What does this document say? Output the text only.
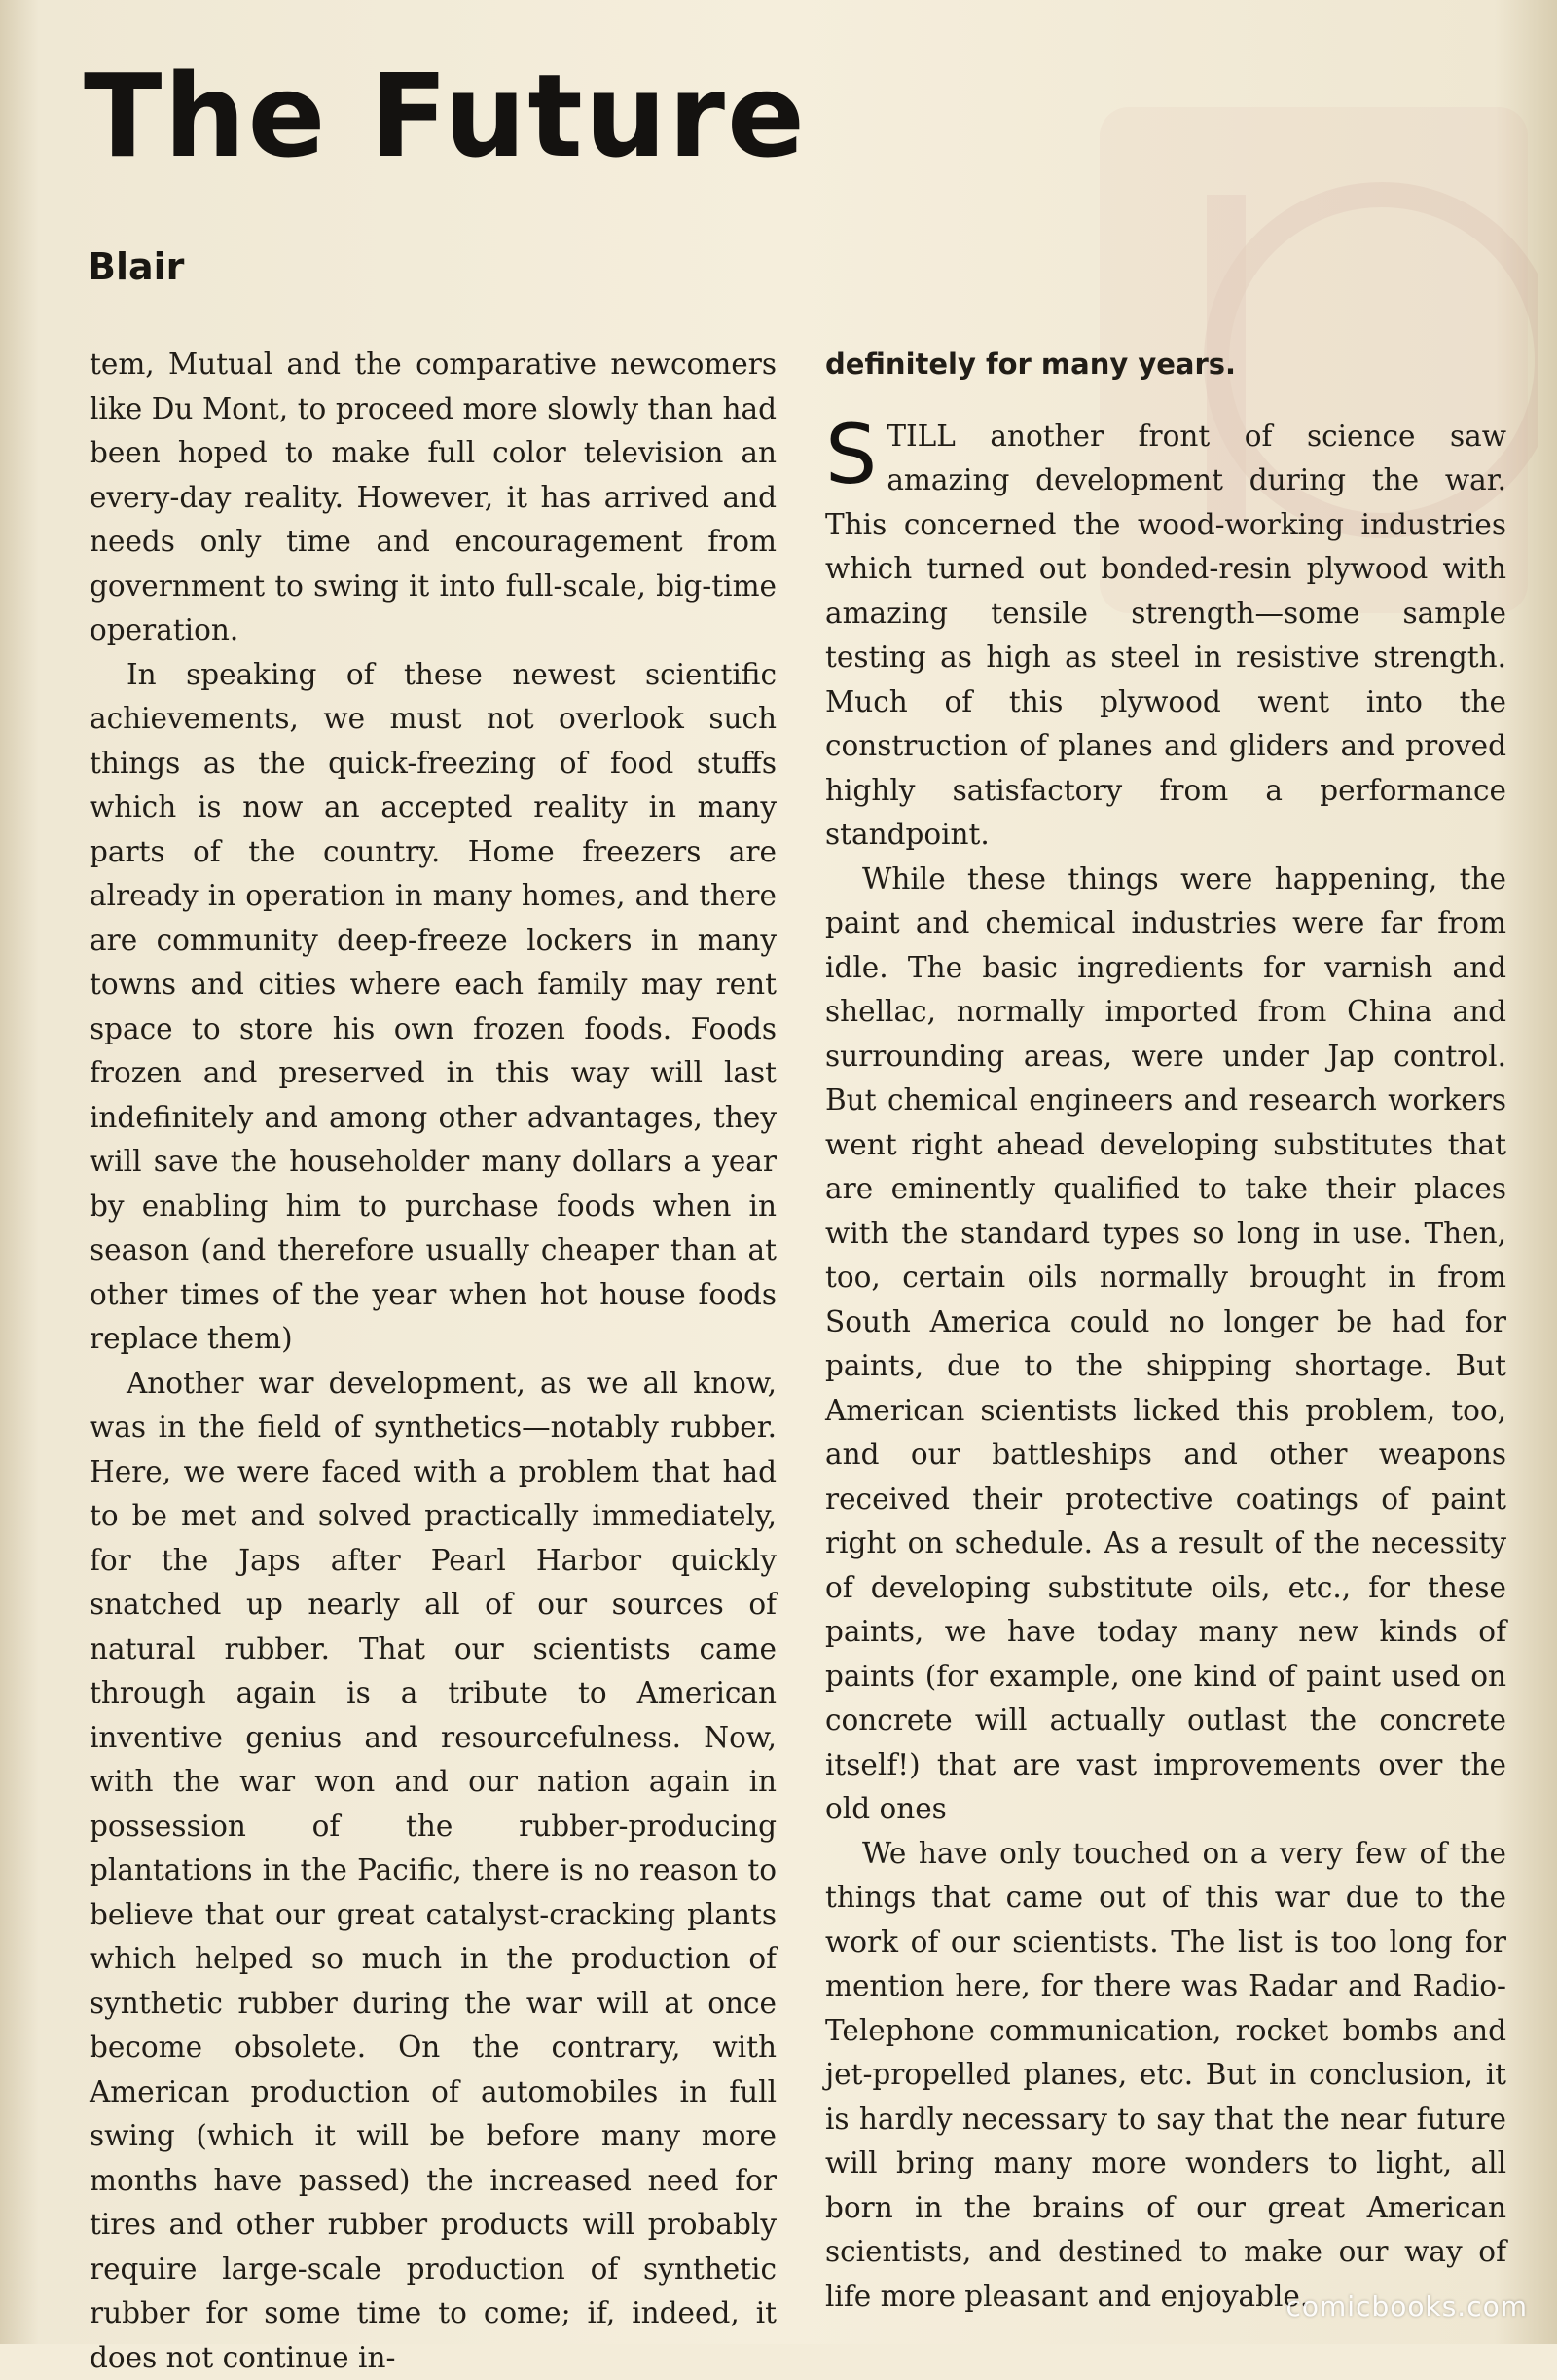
The Future
Blair

tem, Mutual and the comparative newcomers like Du Mont, to proceed more slowly than had been hoped to make full color television an every-day reality. However, it has arrived and needs only time and encouragement from government to swing it into full-scale, big-time operation.

In speaking of these newest scientific achievements, we must not overlook such things as the quick-freezing of food stuffs which is now an accepted reality in many parts of the country. Home freezers are already in operation in many homes, and there are community deep-freeze lockers in many towns and cities where each family may rent space to store his own frozen foods. Foods frozen and preserved in this way will last indefinitely and among other advantages, they will save the householder many dollars a year by enabling him to purchase foods when in season (and therefore usually cheaper than at other times of the year when hot house foods replace them)

Another war development, as we all know, was in the field of synthetics—notably rubber. Here, we were faced with a problem that had to be met and solved practically immediately, for the Japs after Pearl Harbor quickly snatched up nearly all of our sources of natural rubber. That our scientists came through again is a tribute to American inventive genius and resourcefulness. Now, with the war won and our nation again in possession of the rubber-producing plantations in the Pacific, there is no reason to believe that our great catalyst-cracking plants which helped so much in the production of synthetic rubber during the war will at once become obsolete. On the contrary, with American production of automobiles in full swing (which it will be before many more months have passed) the increased need for tires and other rubber products will probably require large-scale production of synthetic rubber for some time to come; if, indeed, it does not continue in-

definitely for many years.

STILL another front of science saw amazing development during the war. This concerned the wood-working industries which turned out bonded-resin plywood with amazing tensile strength—some sample testing as high as steel in resistive strength. Much of this plywood went into the construction of planes and gliders and proved highly satisfactory from a performance standpoint.

While these things were happening, the paint and chemical industries were far from idle. The basic ingredients for varnish and shellac, normally imported from China and surrounding areas, were under Jap control. But chemical engineers and research workers went right ahead developing substitutes that are eminently qualified to take their places with the standard types so long in use. Then, too, certain oils normally brought in from South America could no longer be had for paints, due to the shipping shortage. But American scientists licked this problem, too, and our battleships and other weapons received their protective coatings of paint right on schedule. As a result of the necessity of developing substitute oils, etc., for these paints, we have today many new kinds of paints (for example, one kind of paint used on concrete will actually outlast the concrete itself!) that are vast improvements over the old ones

We have only touched on a very few of the things that came out of this war due to the work of our scientists. The list is too long for mention here, for there was Radar and Radio-Telephone communication, rocket bombs and jet-propelled planes, etc. But in conclusion, it is hardly necessary to say that the near future will bring many more wonders to light, all born in the brains of our great American scientists, and destined to make our way of life more pleasant and enjoyable.

comicbooks.com
